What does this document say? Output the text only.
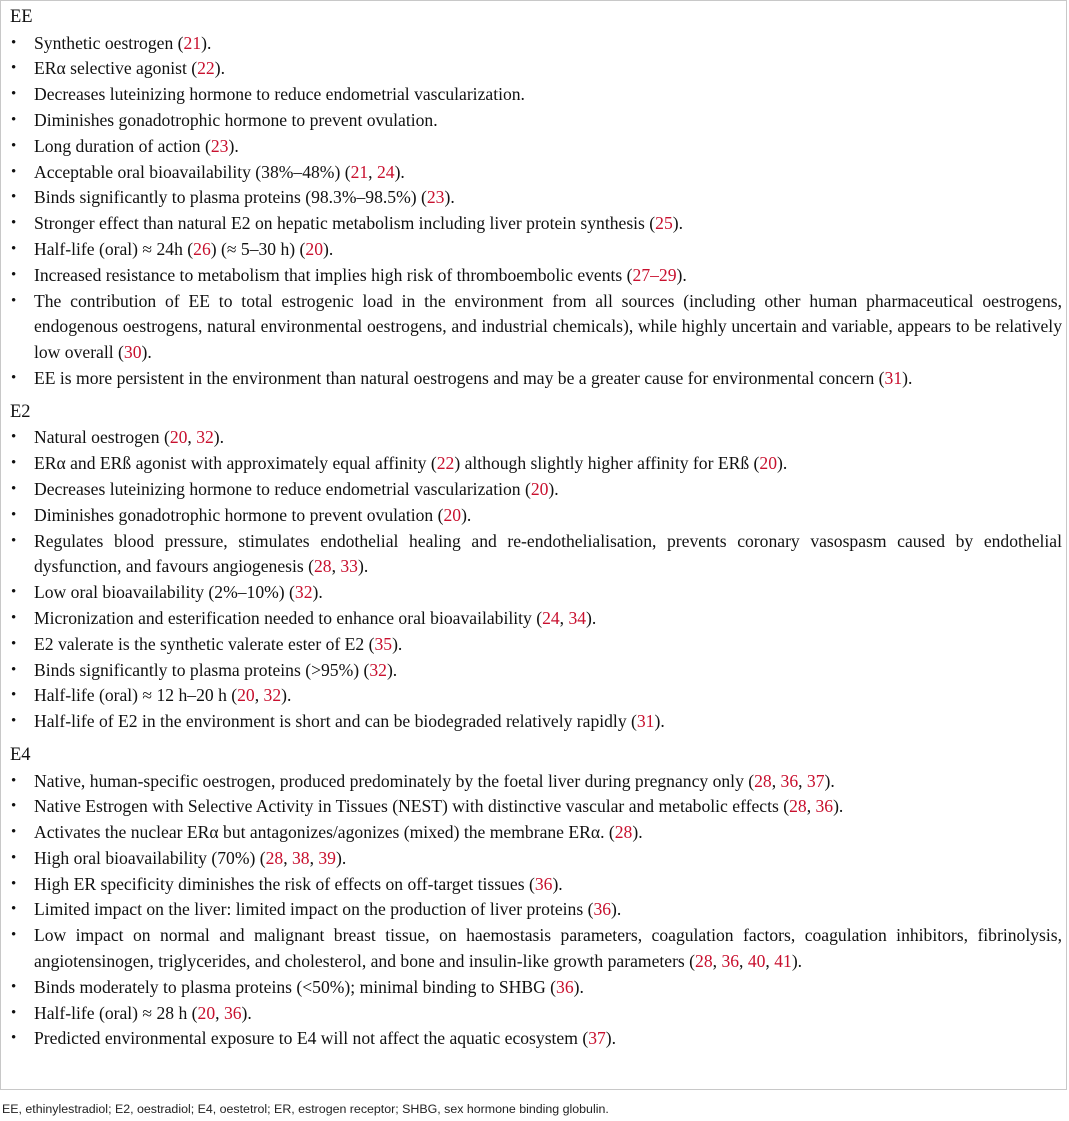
EE
• Synthetic oestrogen (21).
• ERα selective agonist (22).
• Decreases luteinizing hormone to reduce endometrial vascularization.
• Diminishes gonadotrophic hormone to prevent ovulation.
• Long duration of action (23).
• Acceptable oral bioavailability (38%–48%) (21, 24).
• Binds significantly to plasma proteins (98.3%–98.5%) (23).
• Stronger effect than natural E2 on hepatic metabolism including liver protein synthesis (25).
• Half-life (oral) ≈ 24h (26) (≈ 5–30 h) (20).
• Increased resistance to metabolism that implies high risk of thromboembolic events (27–29).
• The contribution of EE to total estrogenic load in the environment from all sources (including other human pharmaceutical oestrogens, endogenous oestrogens, natural environmental oestrogens, and industrial chemicals), while highly uncertain and variable, appears to be relatively low overall (30).
• EE is more persistent in the environment than natural oestrogens and may be a greater cause for environmental concern (31).
E2
• Natural oestrogen (20, 32).
• ERα and ERß agonist with approximately equal affinity (22) although slightly higher affinity for ERß (20).
• Decreases luteinizing hormone to reduce endometrial vascularization (20).
• Diminishes gonadotrophic hormone to prevent ovulation (20).
• Regulates blood pressure, stimulates endothelial healing and re-endothelialisation, prevents coronary vasospasm caused by endothelial dysfunction, and favours angiogenesis (28, 33).
• Low oral bioavailability (2%–10%) (32).
• Micronization and esterification needed to enhance oral bioavailability (24, 34).
• E2 valerate is the synthetic valerate ester of E2 (35).
• Binds significantly to plasma proteins (>95%) (32).
• Half-life (oral) ≈ 12 h–20 h (20, 32).
• Half-life of E2 in the environment is short and can be biodegraded relatively rapidly (31).
E4
• Native, human-specific oestrogen, produced predominately by the foetal liver during pregnancy only (28, 36, 37).
• Native Estrogen with Selective Activity in Tissues (NEST) with distinctive vascular and metabolic effects (28, 36).
• Activates the nuclear ERα but antagonizes/agonizes (mixed) the membrane ERα. (28).
• High oral bioavailability (70%) (28, 38, 39).
• High ER specificity diminishes the risk of effects on off-target tissues (36).
• Limited impact on the liver: limited impact on the production of liver proteins (36).
• Low impact on normal and malignant breast tissue, on haemostasis parameters, coagulation factors, coagulation inhibitors, fibrinolysis, angiotensinogen, triglycerides, and cholesterol, and bone and insulin-like growth parameters (28, 36, 40, 41).
• Binds moderately to plasma proteins (<50%); minimal binding to SHBG (36).
• Half-life (oral) ≈ 28 h (20, 36).
• Predicted environmental exposure to E4 will not affect the aquatic ecosystem (37).
EE, ethinylestradiol; E2, oestradiol; E4, oestetrol; ER, estrogen receptor; SHBG, sex hormone binding globulin.
